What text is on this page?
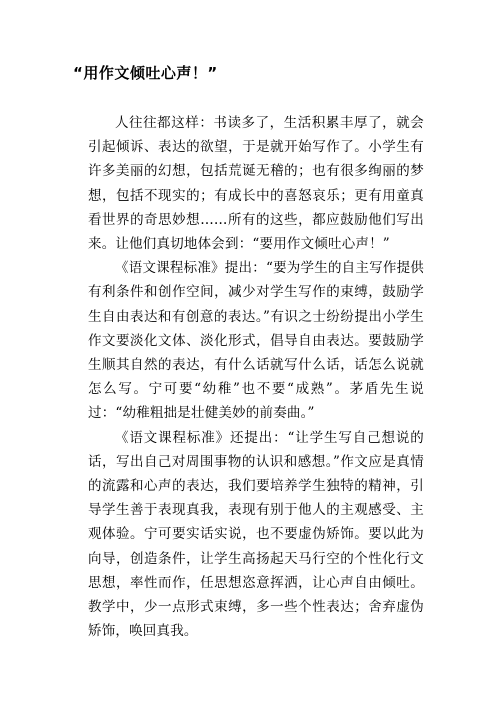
“用作文倾吐心声！”

人往往都这样：书读多了，生活积累丰厚了，就会引起倾诉、表达的欲望，于是就开始写作了。小学生有许多美丽的幻想，包括荒诞无稽的；也有很多绚丽的梦想，包括不现实的；有成长中的喜怒哀乐；更有用童真看世界的奇思妙想……所有的这些，都应鼓励他们写出来。让他们真切地体会到：“要用作文倾吐心声！”

《语文课程标准》提出：“要为学生的自主写作提供有利条件和创作空间，减少对学生写作的束缚，鼓励学生自由表达和有创意的表达。”有识之士纷纷提出小学生作文要淡化文体、淡化形式，倡导自由表达。要鼓励学生顺其自然的表达，有什么话就写什么话，话怎么说就怎么写。宁可要“幼稚”也不要“成熟”。茅盾先生说过：“幼稚粗拙是壮健美妙的前奏曲。”

《语文课程标准》还提出：“让学生写自己想说的话，写出自己对周围事物的认识和感想。”作文应是真情的流露和心声的表达，我们要培养学生独特的精神，引导学生善于表现真我，表现有别于他人的主观感受、主观体验。宁可要实话实说，也不要虚伪矫饰。要以此为向导，创造条件，让学生高扬起天马行空的个性化行文思想，率性而作，任思想恣意挥洒，让心声自由倾吐。教学中，少一点形式束缚，多一些个性表达；舍弃虚伪矫饰，唤回真我。
